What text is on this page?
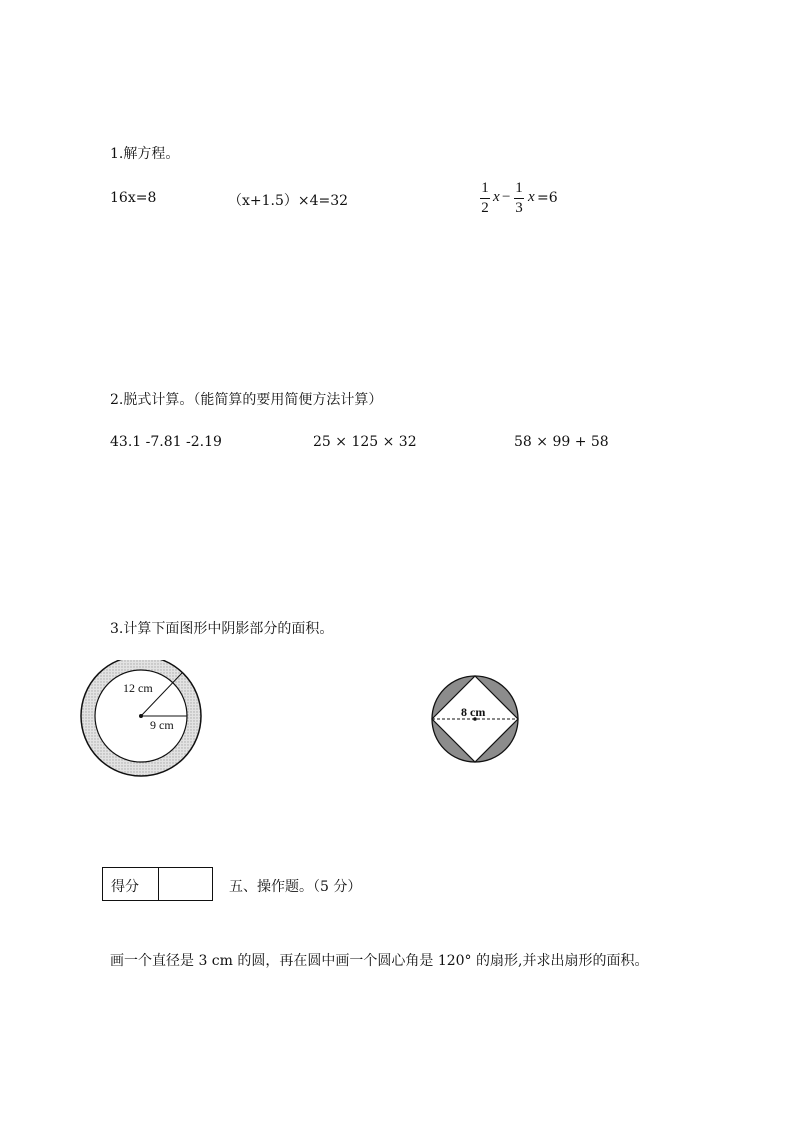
1.解方程。
16x=8	（x+1.5）×4=32
1
2
x −
1
3
x =6
2.脱式计算。（能简算的要用简便方法计算）
43.1 -7.81 -2.19	25 × 125 × 32	58 × 99 + 58
3.计算下面图形中阴影部分的面积。
12 cm
9 cm
8 cm
得分	五、操作题。（5 分）
画一个直径是 3 cm 的圆，再在圆中画一个圆心角是 120° 的扇形,并求出扇形的面积。
